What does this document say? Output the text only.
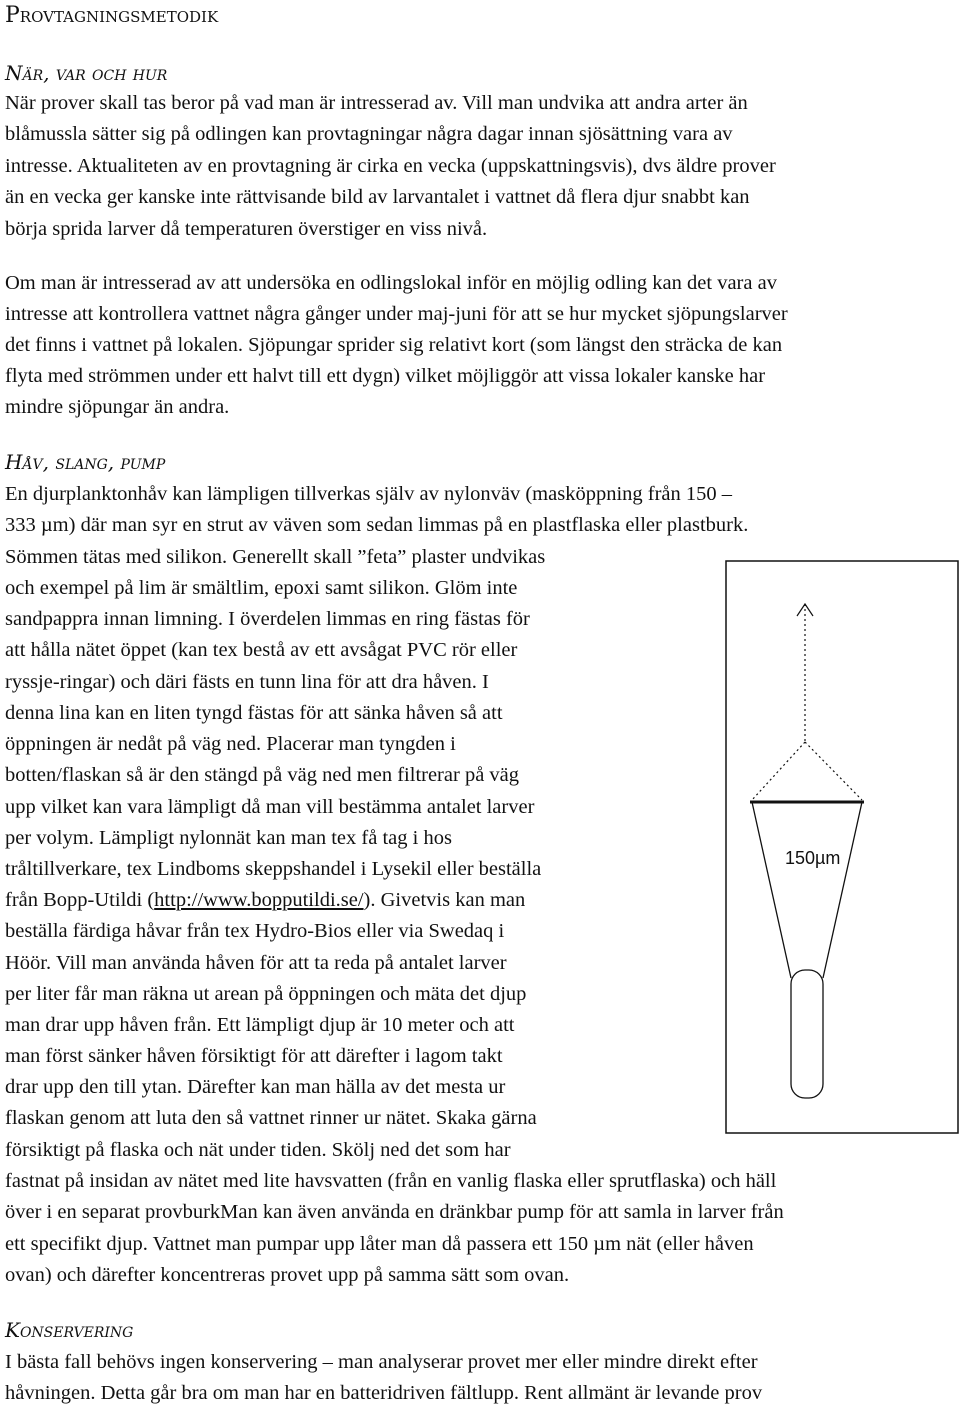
Provtagningsmetodik
När, var och hur
När prover skall tas beror på vad man är intresserad av. Vill man undvika att andra arter än
blåmussla sätter sig på odlingen kan provtagningar några dagar innan sjösättning vara av
intresse. Aktualiteten av en provtagning är cirka en vecka (uppskattningsvis), dvs äldre prover
än en vecka ger kanske inte rättvisande bild av larvantalet i vattnet då flera djur snabbt kan
börja sprida larver då temperaturen överstiger en viss nivå.
Om man är intresserad av att undersöka en odlingslokal inför en möjlig odling kan det vara av
intresse att kontrollera vattnet några gånger under maj-juni för att se hur mycket sjöpungslarver
det finns i vattnet på lokalen. Sjöpungar sprider sig relativt kort (som längst den sträcka de kan
flyta med strömmen under ett halvt till ett dygn) vilket möjliggör att vissa lokaler kanske har
mindre sjöpungar än andra.
Håv, slang, pump
En djurplanktonhåv kan lämpligen tillverkas själv av nylonväv (masköppning från 150 –
333 µm) där man syr en strut av väven som sedan limmas på en plastflaska eller plastburk.
Sömmen tätas med silikon. Generellt skall ”feta” plaster undvikas
och exempel på lim är smältlim, epoxi samt silikon. Glöm inte
sandpappra innan limning. I överdelen limmas en ring fästas för
att hålla nätet öppet (kan tex bestå av ett avsågat PVC rör eller
ryssje-ringar) och däri fästs en tunn lina för att dra håven. I
denna lina kan en liten tyngd fästas för att sänka håven så att
öppningen är nedåt på väg ned. Placerar man tyngden i
botten/flaskan så är den stängd på väg ned men filtrerar på väg
upp vilket kan vara lämpligt då man vill bestämma antalet larver
per volym. Lämpligt nylonnät kan man tex få tag i hos
tråltillverkare, tex Lindboms skeppshandel i Lysekil eller beställa
från Bopp-Utildi (http://www.bopputildi.se/). Givetvis kan man
beställa färdiga håvar från tex Hydro-Bios eller via Swedaq i
Höör. Vill man använda håven för att ta reda på antalet larver
per liter får man räkna ut arean på öppningen och mäta det djup
man drar upp håven från. Ett lämpligt djup är 10 meter och att
man först sänker håven försiktigt för att därefter i lagom takt
drar upp den till ytan. Därefter kan man hälla av det mesta ur
flaskan genom att luta den så vattnet rinner ur nätet. Skaka gärna
försiktigt på flaska och nät under tiden. Skölj ned det som har
fastnat på insidan av nätet med lite havsvatten (från en vanlig flaska eller sprutflaska) och häll
över i en separat provburkMan kan även använda en dränkbar pump för att samla in larver från
ett specifikt djup. Vattnet man pumpar upp låter man då passera ett 150 µm nät (eller håven
ovan) och därefter koncentreras provet upp på samma sätt som ovan.
Konservering
I bästa fall behövs ingen konservering – man analyserar provet mer eller mindre direkt efter
håvningen. Detta går bra om man har en batteridriven fältlupp. Rent allmänt är levande prov
150µm
